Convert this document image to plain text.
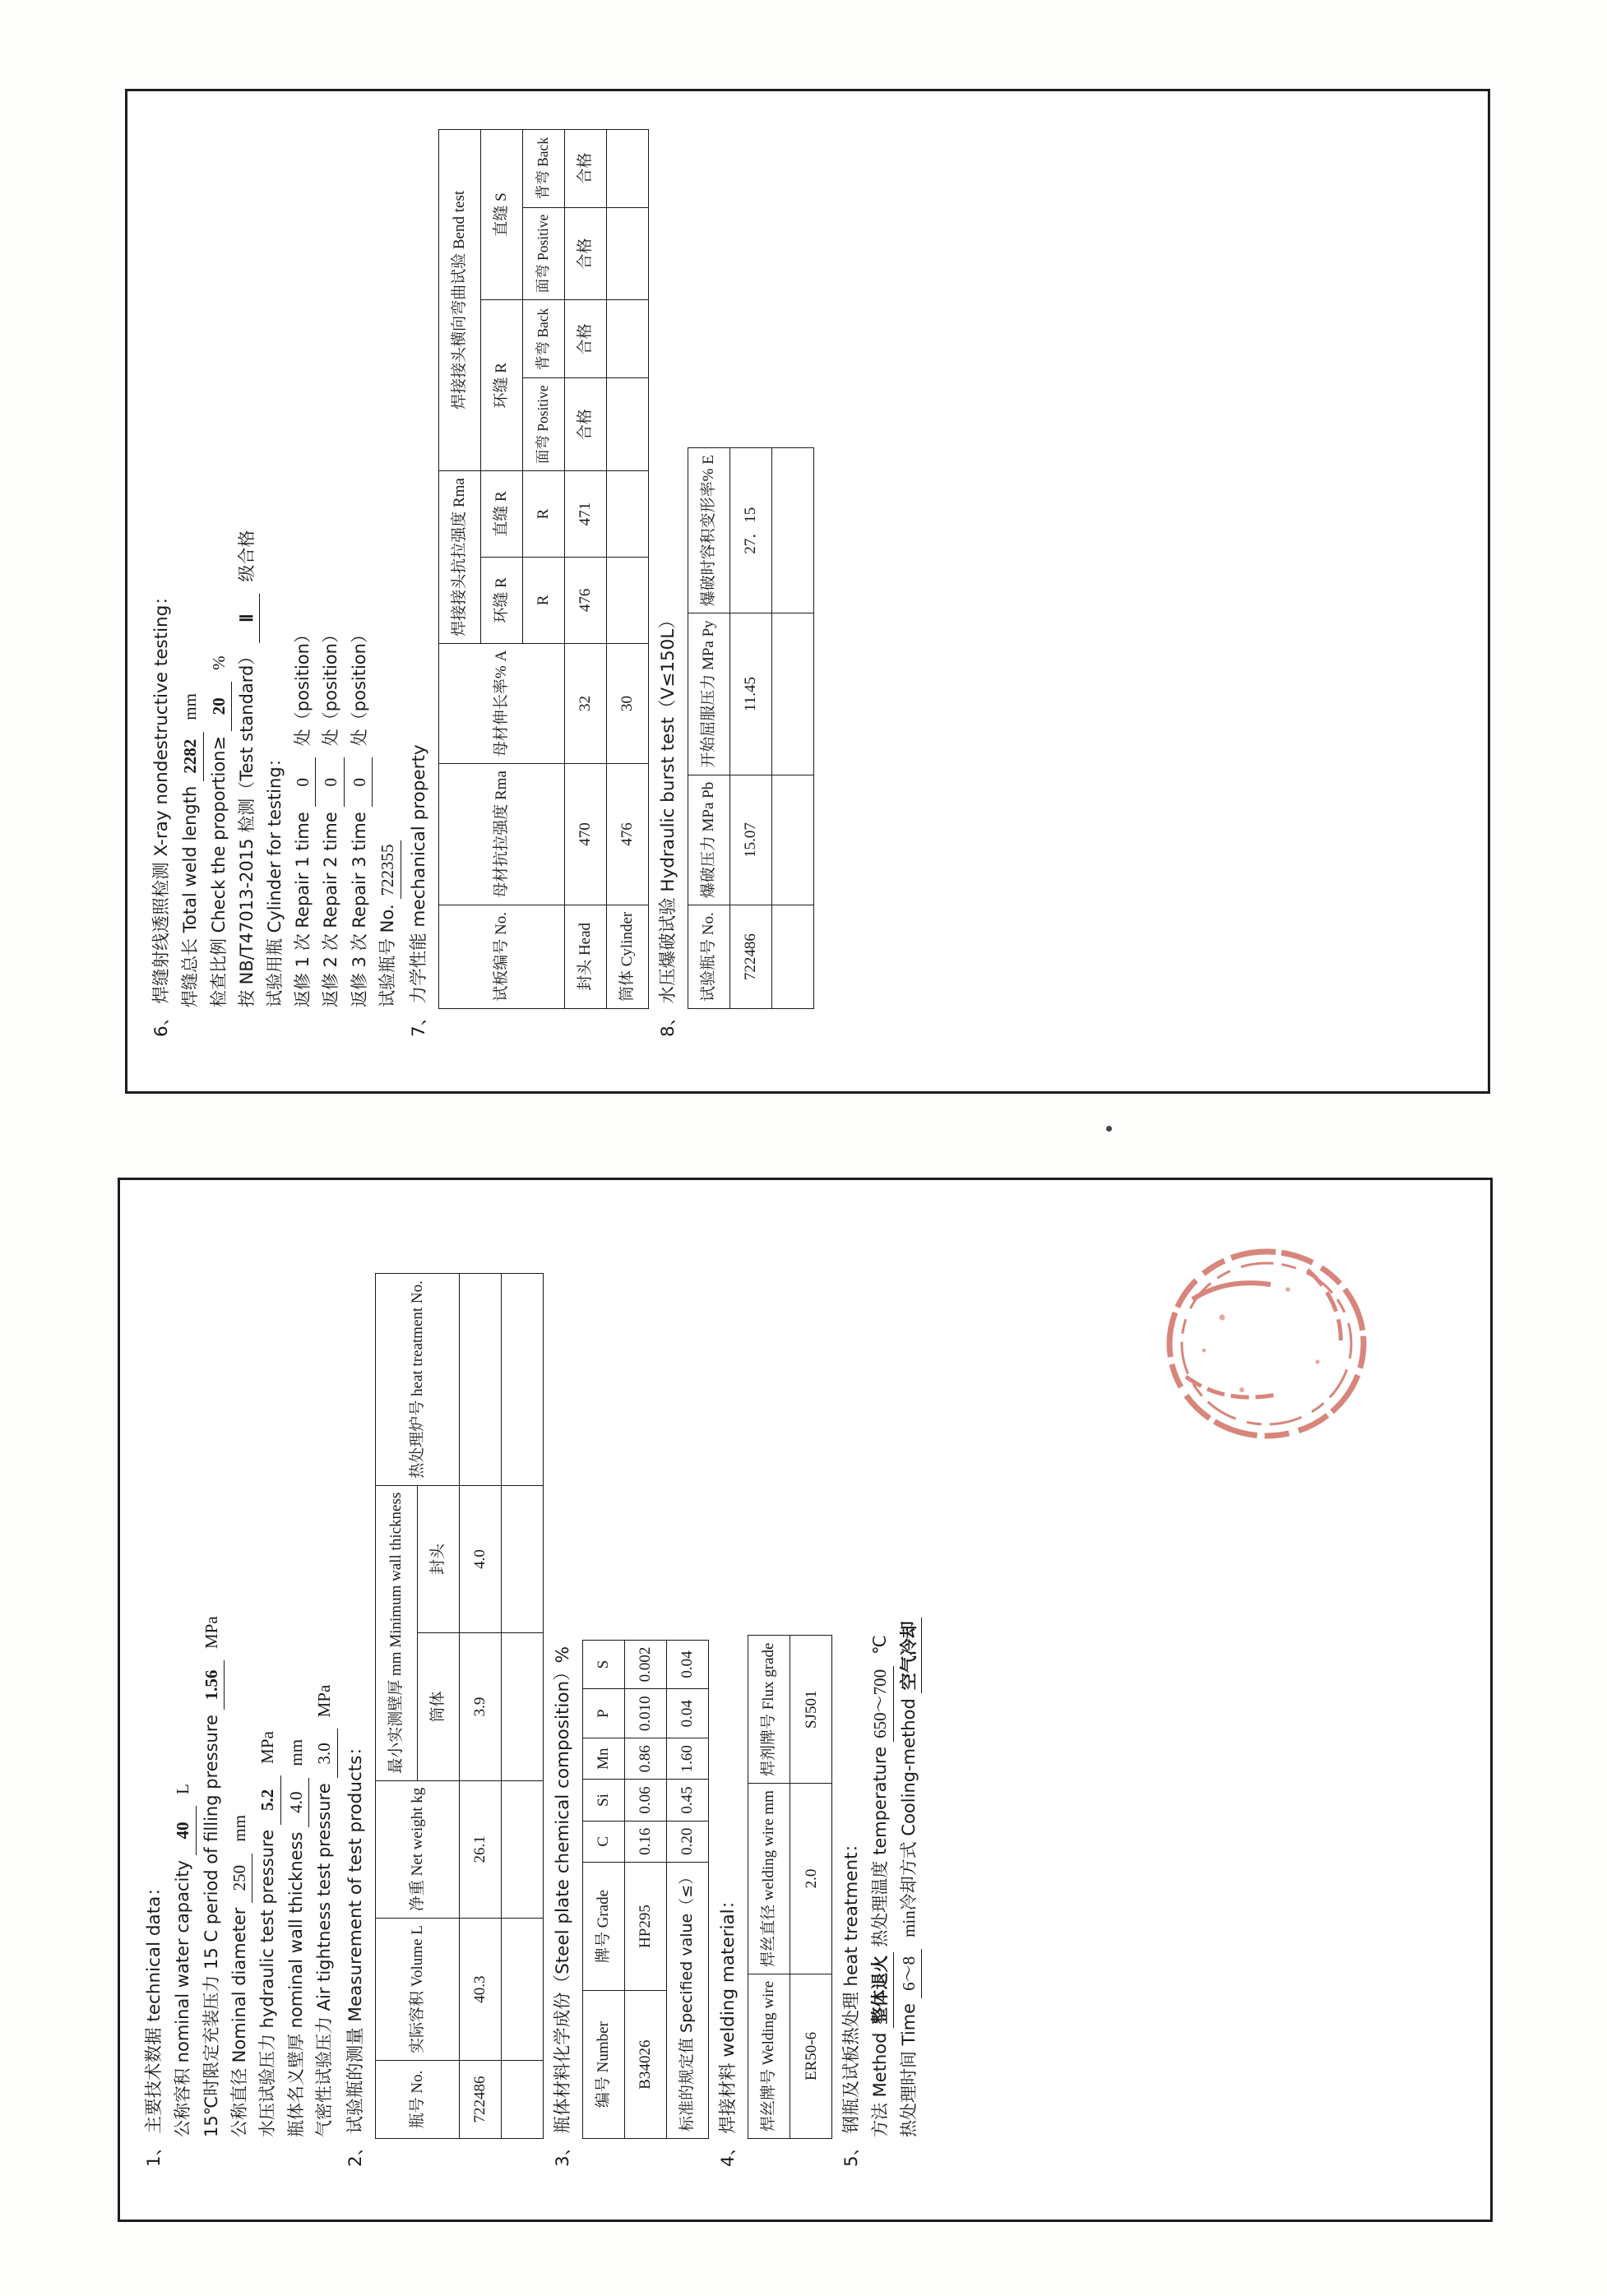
6、 焊缝射线透照检测 X-ray nondestructive testing： 焊缝总长 Total weld length
2282
mm
检查比例 Check the proportion≥
20
% 按 NB/T47013-2015 检测（Test standard）
Ⅱ
级合格
试验用瓶 Cylinder for testing： 返修 1 次 Repair 1 time
0
处（position）
返修 2 次 Repair 2 time
0
处（position）
返修 3 次 Repair 3 time
0
处（position）
试验瓶号 No.
722355
7、 力学性能 mechanical property	试板编号 No.	母材抗拉强度 Rma	母材伸长率% A	焊接接头抗拉强度 Rma		焊接接头横向弯曲试验 Bend test			
			环缝 R	直缝 R	环缝 R		直缝 S	
			R	R	面弯 Positive	背弯 Back	面弯 Positive	背弯 Back
封头 Head	470	32	476	471	合格	合格	合格	合格
筒体 Cylinder	476	30						
8、 水压爆破试验 Hydraulic burst test（V≤150L） 试验瓶号 No.	爆破压力 MPa Pb	开始屈服压力 MPa Py	爆破时容积变形率% E
722486	15.07	11.45	27．15

1、 主要技术数据 technical data： 公称容积 nominal water capacity
40
L 15℃时限定充装压力 15 C period of filling pressure
1.56
MPa
公称直径 Nominal diameter
250
mm
水压试验压力 hydraulic test pressure
5.2
MPa
瓶体名义壁厚 nominal wall thickness
4.0
mm
气密性试验压力 Air tightness test pressure
3.0
MPa
2、 试验瓶的测量 Measurement of test products：	瓶号 No.	实际容积 Volume L	净重 Net weight kg	最小实测壁厚 mm Minimum wall thickness		热处理炉号 heat treatment No.
			筒体	封头	
722486	40.3	26.1	3.9	4.0	

3、 瓶体材料化学成份（Steel plate chemical composition）% 编号 Number	牌号 Grade	C	Si	Mn	P	S
B34026	HP295	0.16	0.06	0.86	0.010	0.002
标准的规定值 Specified value（≤）		0.20	0.45	1.60	0.04	0.04
4、 焊接材料 welding material： 焊丝牌号 Welding wire	焊丝直径 welding wire mm	焊剂牌号 Flux grade
ER50-6	2.0	SJ501
5、 钢瓶及试板热处理 heat treatment： 方法 Method
整体退火
热处理温度 temperature
650～700
℃
热处理时间 Time
6～8
min
冷却方式 Cooling-method
空气冷却
